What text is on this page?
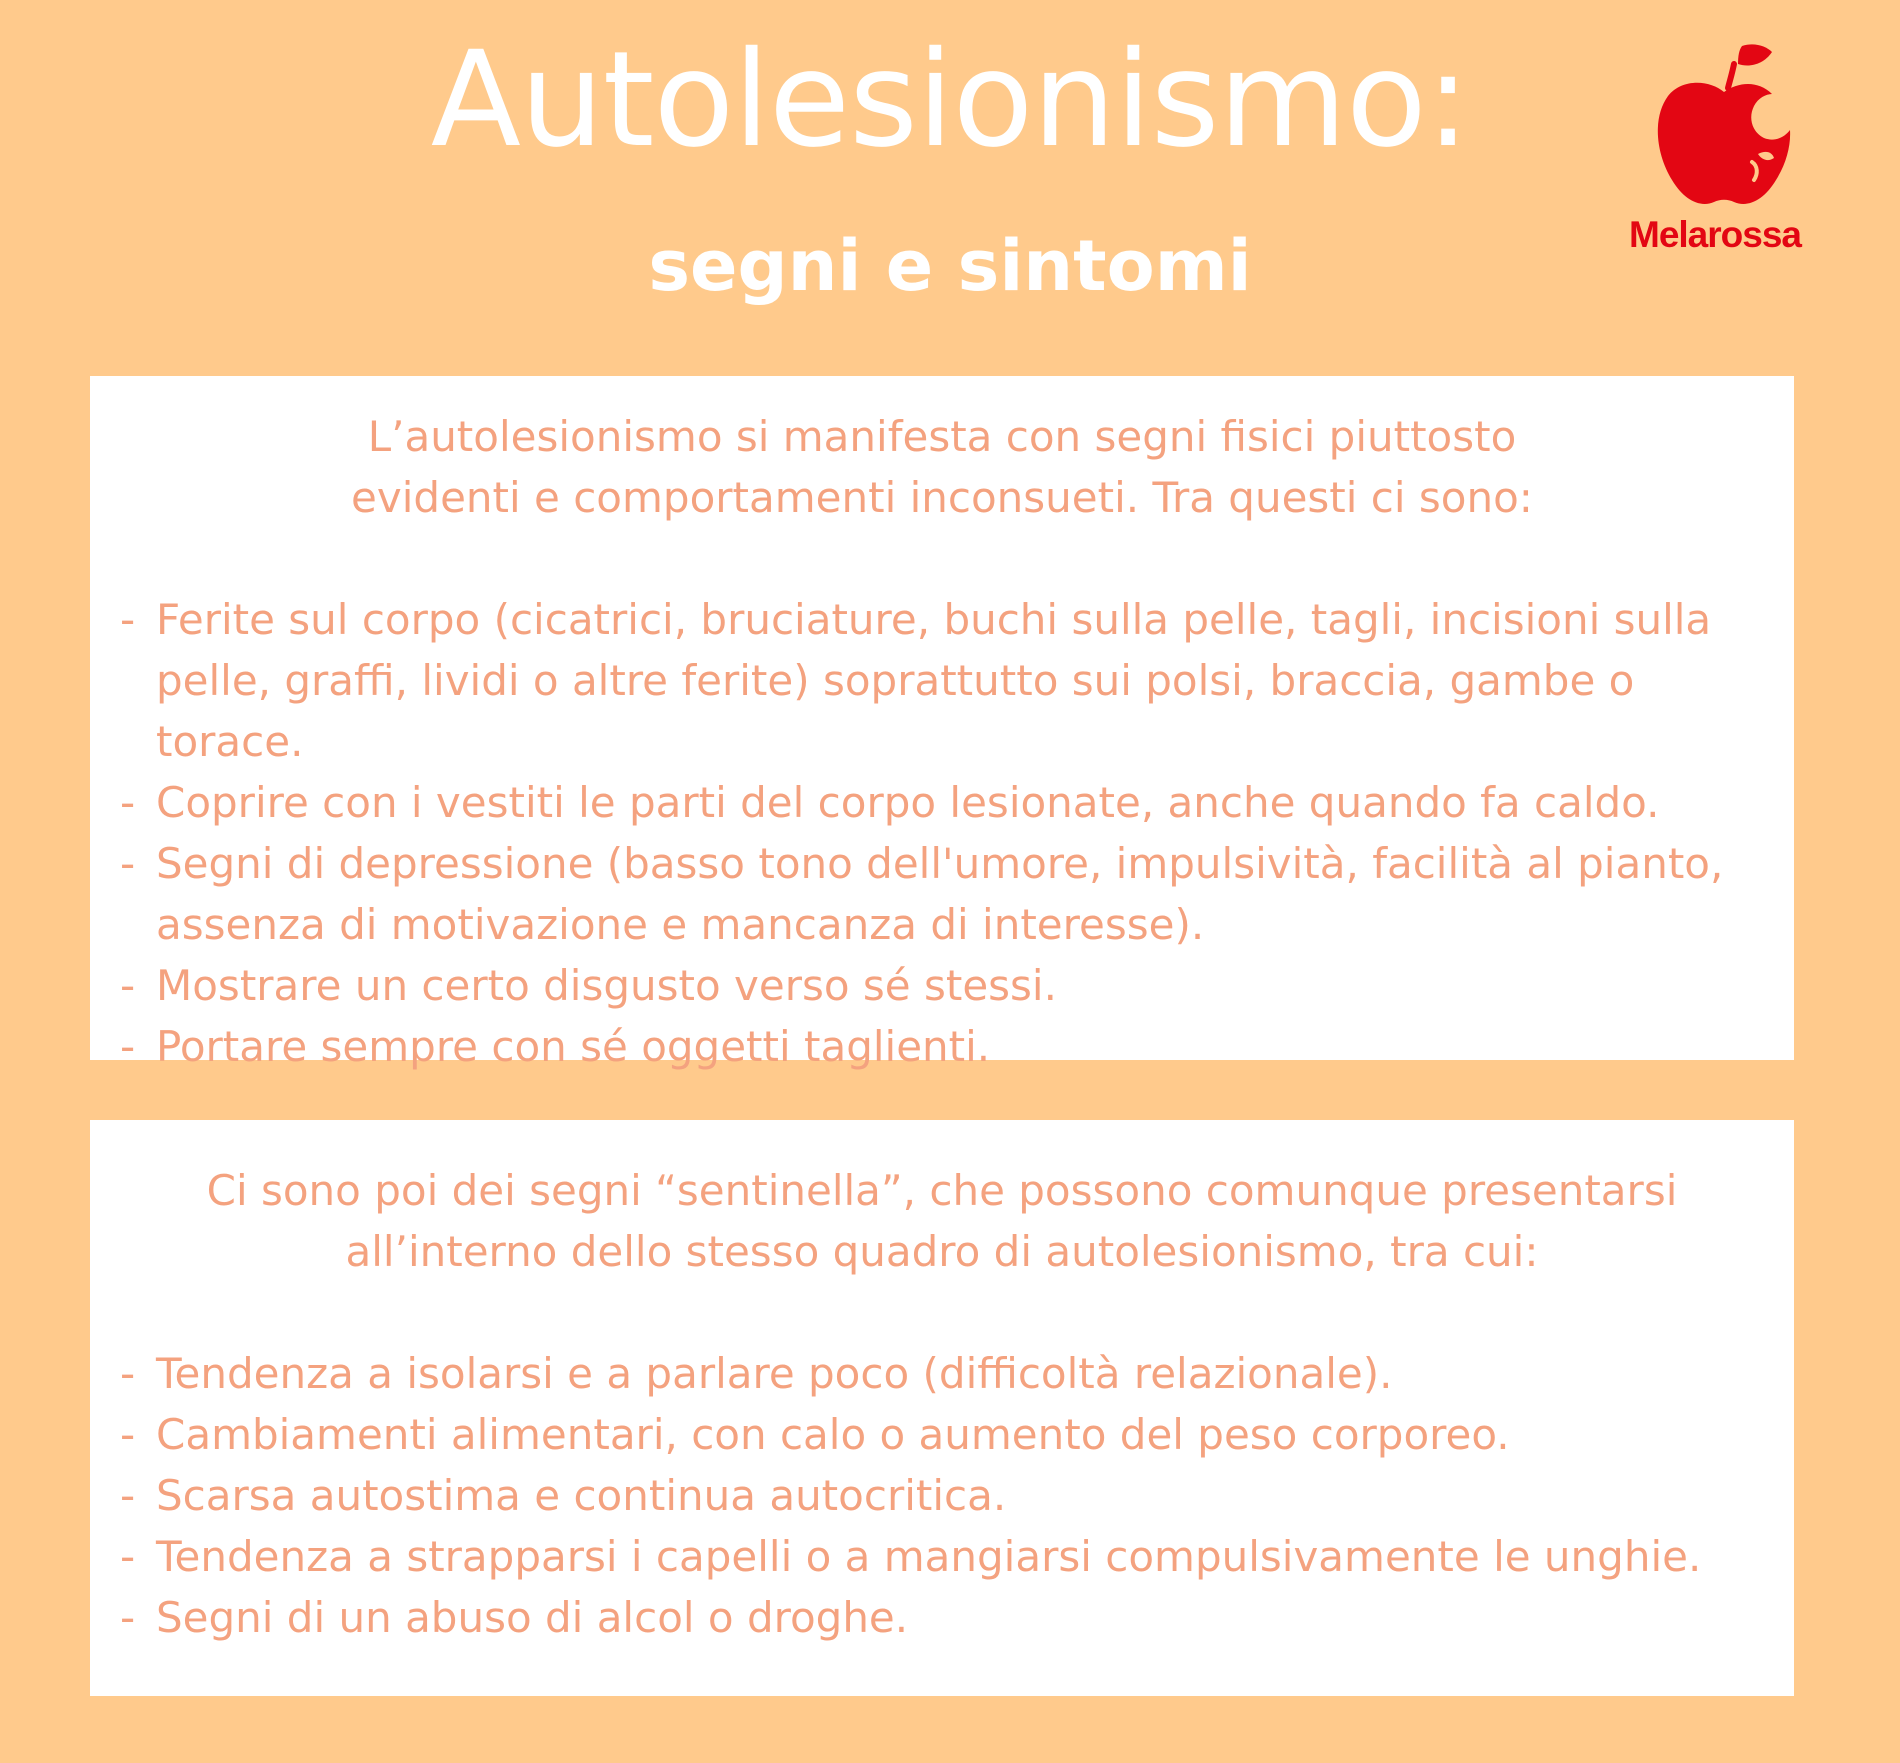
Autolesionismo:
segni e sintomi	Melarossa

L’autolesionismo si manifesta con segni fisici piuttosto
evidenti e comportamenti inconsueti. Tra questi ci sono:

- Ferite sul corpo (cicatrici, bruciature, buchi sulla pelle, tagli, incisioni sulla pelle, graffi, lividi o altre ferite) soprattutto sui polsi, braccia, gambe o torace.
- Coprire con i vestiti le parti del corpo lesionate, anche quando fa caldo.
- Segni di depressione (basso tono dell'umore, impulsività, facilità al pianto, assenza di motivazione e mancanza di interesse).
- Mostrare un certo disgusto verso sé stessi.
- Portare sempre con sé oggetti taglienti.

Ci sono poi dei segni “sentinella”, che possono comunque presentarsi
all’interno dello stesso quadro di autolesionismo, tra cui:

- Tendenza a isolarsi e a parlare poco (difficoltà relazionale).
- Cambiamenti alimentari, con calo o aumento del peso corporeo.
- Scarsa autostima e continua autocritica.
- Tendenza a strapparsi i capelli o a mangiarsi compulsivamente le unghie.
- Segni di un abuso di alcol o droghe.
